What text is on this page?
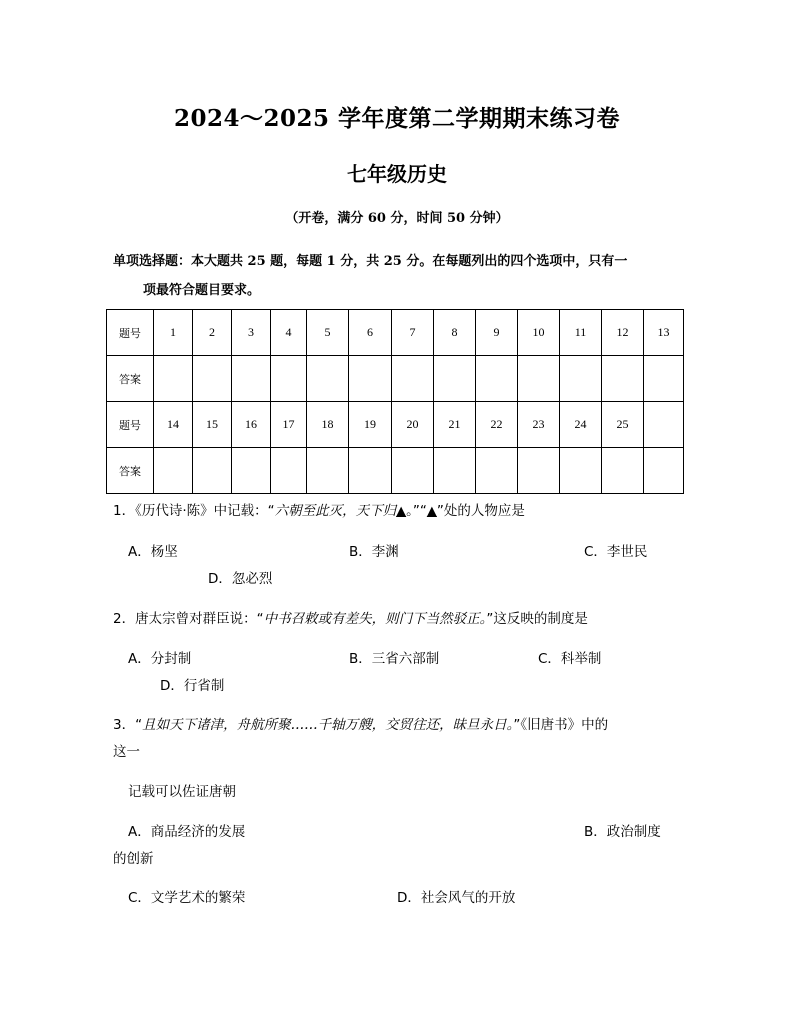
2024～2025 学年度第二学期期末练习卷
七年级历史
（开卷，满分 60 分，时间 50 分钟）
单项选择题：本大题共 25 题，每题 1 分，共 25 分。在每题列出的四个选项中，只有一
项最符合题目要求。
题号	1	2	3	4	5	6	7	8	9	10	11	12	13
答案													
题号	14	15	16	17	18	19	20	21	22	23	24	25	
答案													
1．《历代诗·陈》中记载：“六朝至此灭，天下归▲。”“▲”处的人物应是
A．杨坚	B．李渊	C．李世民
D．忽必烈
2．唐太宗曾对群臣说：“中书召敕或有差失，则门下当然驳正。”这反映的制度是
A．分封制	B．三省六部制	C．科举制
D．行省制
3．“且如天下诸津，舟航所聚……千轴万艘，交贸往还，昧旦永日。”《旧唐书》中的
这一
记载可以佐证唐朝
A．商品经济的发展	B．政治制度
的创新
C．文学艺术的繁荣	D．社会风气的开放
